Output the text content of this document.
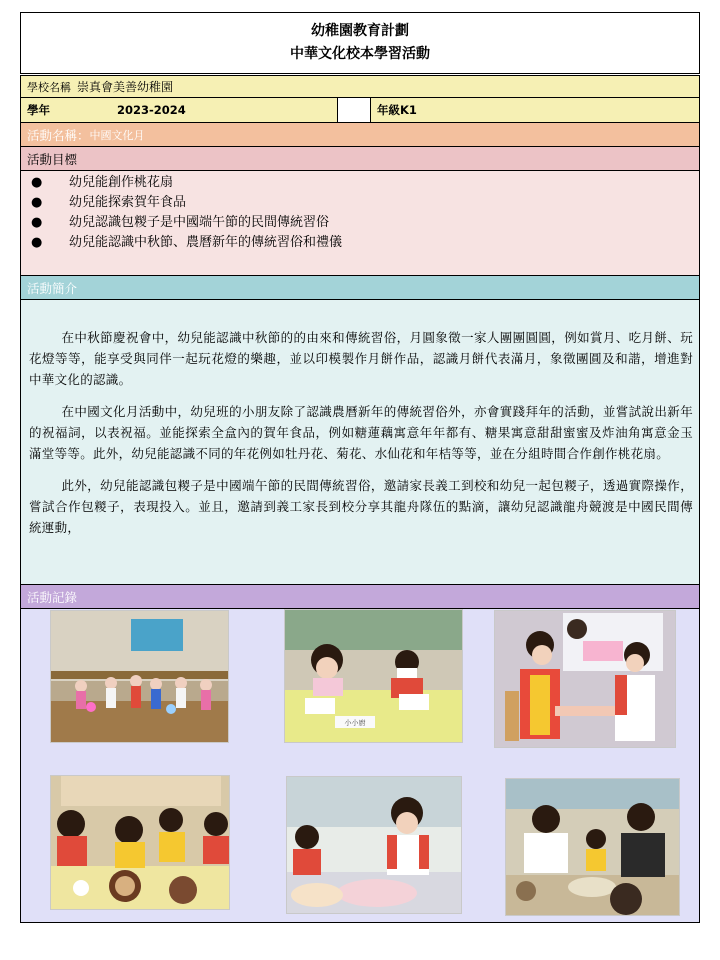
幼稚園教育計劃
中華文化校本學習活動
學校名稱 崇真會美善幼稚園
學年	2023-2024	年級K1
活動名稱： 中國文化月
活動目標
●	幼兒能創作桃花扇
●	幼兒能探索賀年食品
●	幼兒認識包糉子是中國端午節的民間傳統習俗
●	幼兒能認識中秋節、農曆新年的傳統習俗和禮儀
活動簡介

在中秋節慶祝會中，幼兒能認識中秋節的的由來和傳統習俗，月圓象徵一家人團團圓圓，例如賞月、吃月餅、玩花燈等等，能享受與同伴一起玩花燈的樂趣，並以印模製作月餅作品，認識月餅代表滿月，象徵團圓及和諧，增進對中華文化的認識。

在中國文化月活動中，幼兒班的小朋友除了認識農曆新年的傳統習俗外，亦會實踐拜年的活動，並嘗試說出新年的祝福詞，以表祝福。並能探索全盒內的賀年食品，例如糖蓮藕寓意年年都有、糖果寓意甜甜蜜蜜及炸油角寓意金玉滿堂等等。此外，幼兒能認識不同的年花例如牡丹花、菊花、水仙花和年桔等等，並在分組時間合作創作桃花扇。

此外，幼兒能認識包糉子是中國端午節的民間傳統習俗，邀請家長義工到校和幼兒一起包糉子，透過實際操作，嘗試合作包糉子，表現投入。並且，邀請到義工家長到校分享其龍舟隊伍的點滴，讓幼兒認識龍舟競渡是中國民間傳統運動，

活動記錄
小小廚
